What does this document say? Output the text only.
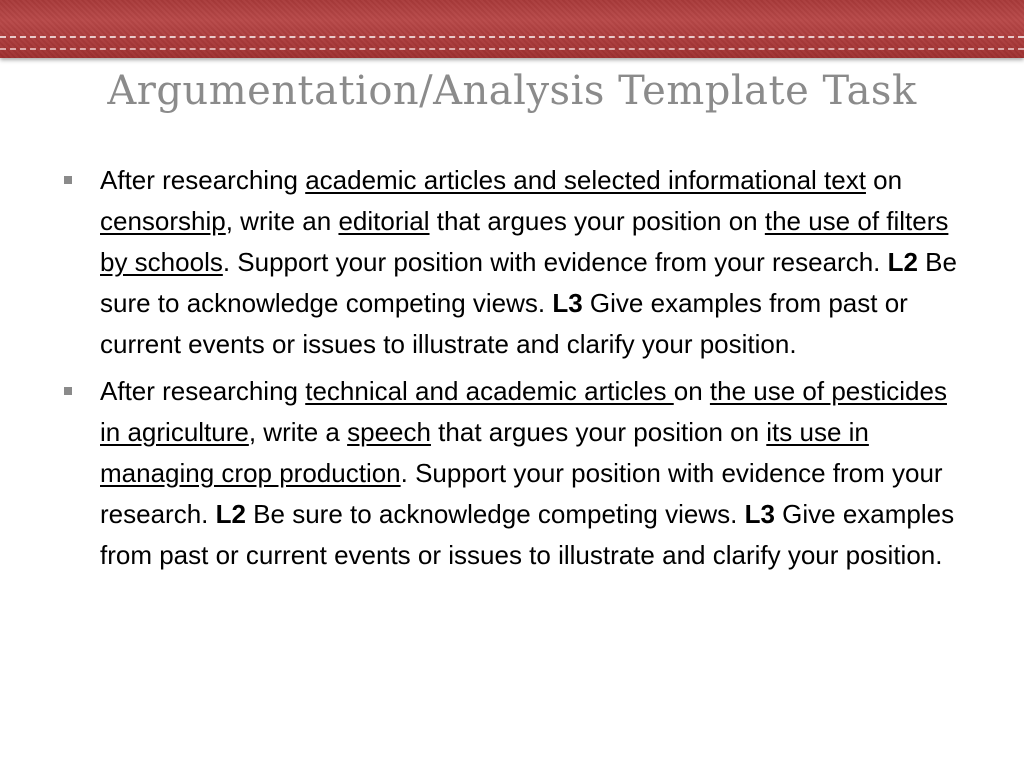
Argumentation/Analysis Template Task
After researching academic articles and selected informational text on censorship, write an editorial that argues your position on the use of filters by schools. Support your position with evidence from your research. L2 Be sure to acknowledge competing views. L3 Give examples from past or current events or issues to illustrate and clarify your position.
After researching technical and academic articles on the use of pesticides in agriculture, write a speech that argues your position on its use in managing crop production. Support your position with evidence from your research. L2 Be sure to acknowledge competing views. L3 Give examples from past or current events or issues to illustrate and clarify your position.
